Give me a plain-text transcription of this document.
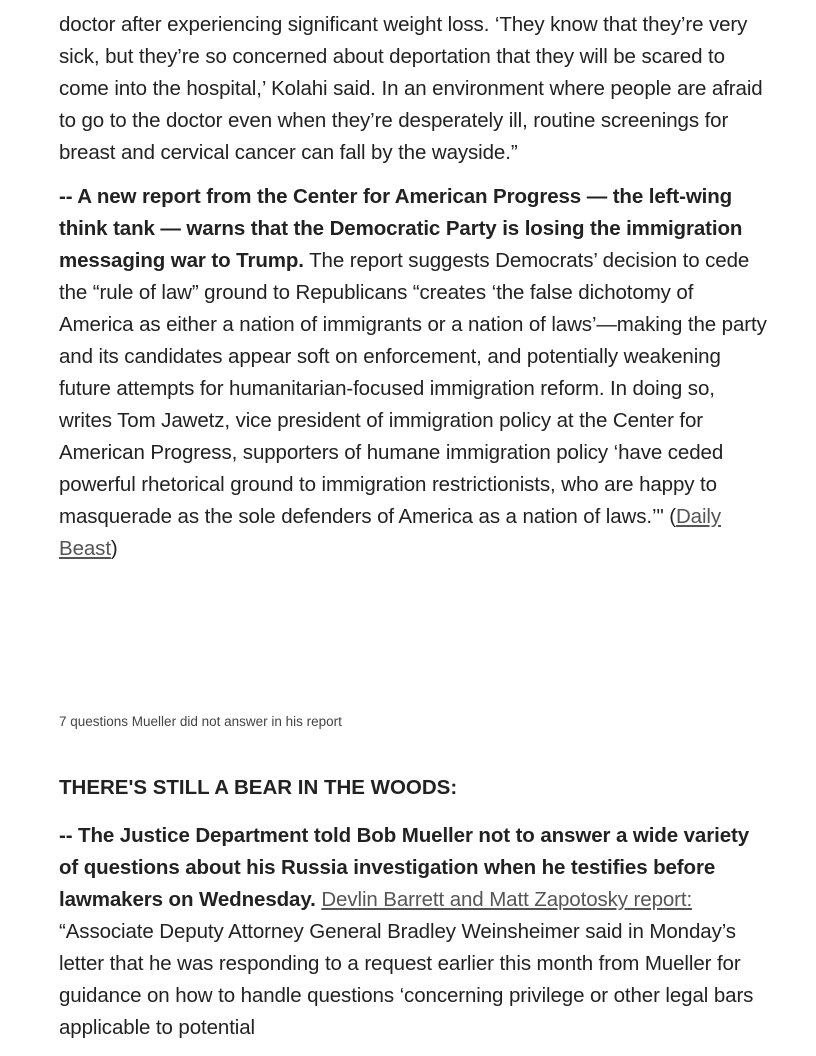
doctor after experiencing significant weight loss. ‘They know that they’re very sick, but they’re so concerned about deportation that they will be scared to come into the hospital,’ Kolahi said. In an environment where people are afraid to go to the doctor even when they’re desperately ill, routine screenings for breast and cervical cancer can fall by the wayside.”

-- A new report from the Center for American Progress — the left-wing think tank — warns that the Democratic Party is losing the immigration messaging war to Trump. The report suggests Democrats’ decision to cede the “rule of law” ground to Republicans “creates ‘the false dichotomy of America as either a nation of immigrants or a nation of laws’—making the party and its candidates appear soft on enforcement, and potentially weakening future attempts for humanitarian-focused immigration reform. In doing so, writes Tom Jawetz, vice president of immigration policy at the Center for American Progress, supporters of humane immigration policy ‘have ceded powerful rhetorical ground to immigration restrictionists, who are happy to masquerade as the sole defenders of America as a nation of laws.’" (Daily Beast)

7 questions Mueller did not answer in his report

THERE'S STILL A BEAR IN THE WOODS:

-- The Justice Department told Bob Mueller not to answer a wide variety of questions about his Russia investigation when he testifies before lawmakers on Wednesday. Devlin Barrett and Matt Zapotosky report: “Associate Deputy Attorney General Bradley Weinsheimer said in Monday’s letter that he was responding to a request earlier this month from Mueller for guidance on how to handle questions ‘concerning privilege or other legal bars applicable to potential
